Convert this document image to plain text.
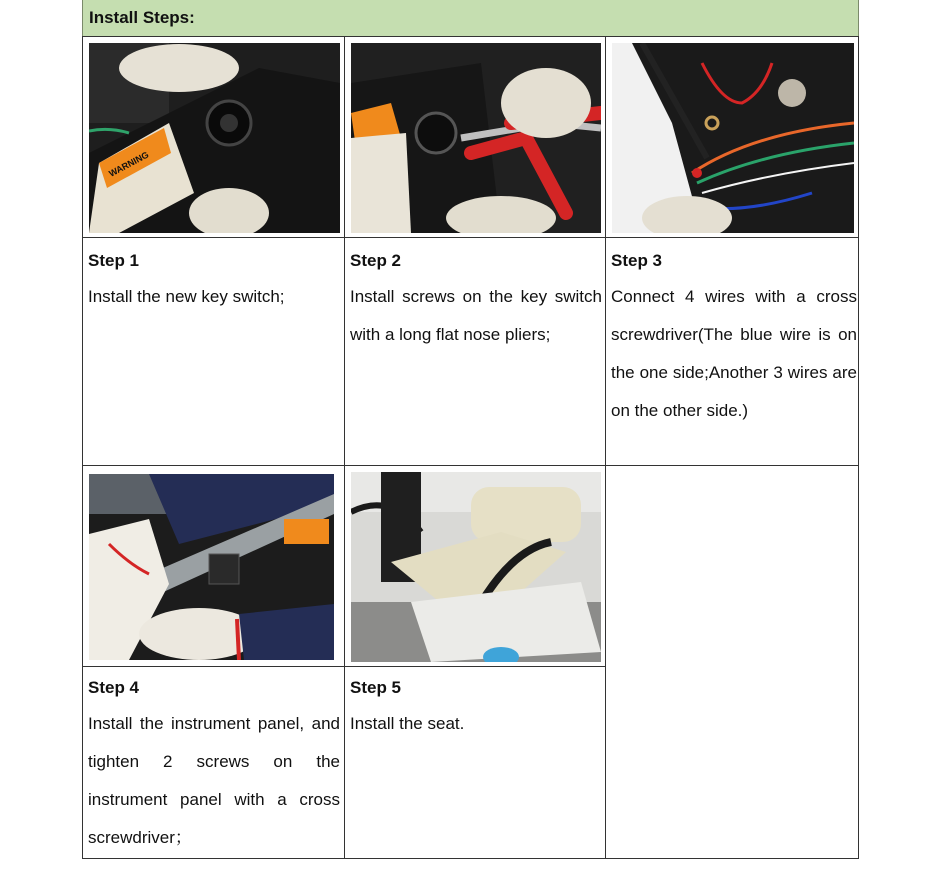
Install Steps:
WARNING
Step 1
Install the new key switch;
Step 2
Install screws on the key switch with a long flat nose pliers;
Step 3
Connect 4 wires with a cross screwdriver(The blue wire is on the one side;Another 3 wires are on the other side.)
Step 4
Install the instrument panel, and tighten 2 screws on the instrument panel with a cross screwdriver；
Step 5
Install the seat.
